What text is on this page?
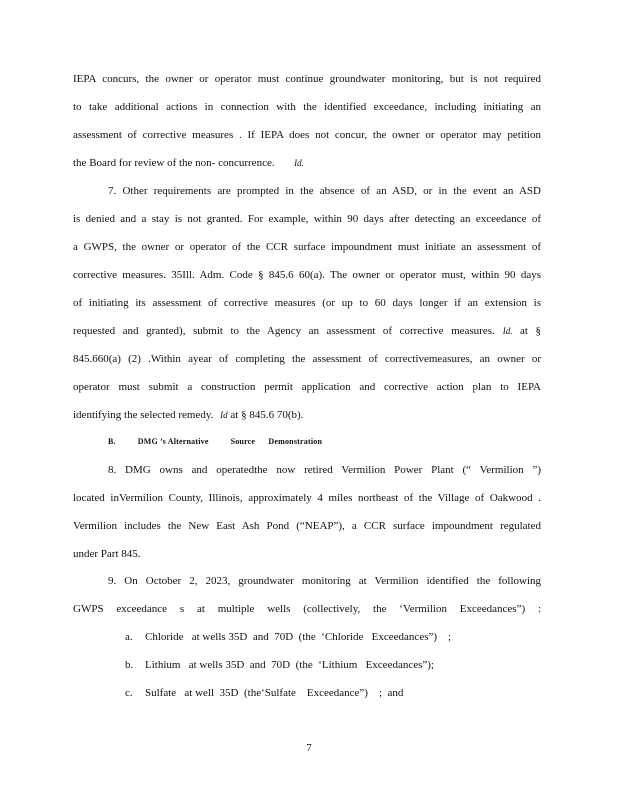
IEPA concurs, the owner or operator must continue groundwater monitoring, but is not required
to take additional actions in connection with the identified exceedance, including initiating an
assessment of corrective measures . If IEPA does not concur, the owner or operator may petition
the Board for review of the non- concurrence. Id.
7. Other requirements are prompted in the absence of an ASD, or in the event an ASD
is denied and a stay is not granted. For example, within 90 days after detecting an exceedance of
a GWPS, the owner or operator of the CCR surface impoundment must initiate an assessment of
corrective measures. 35Ill. Adm. Code § 845.6 60(a). The owner or operator must, within 90 days
of initiating its assessment of corrective measures (or up to 60 days longer if an extension is
requested and granted), submit to the Agency an assessment of corrective measures. Id. at §
845.660(a) (2) .Within ayear of completing the assessment of correctivemeasures, an owner or
operator must submit a construction permit application and corrective action plan to IEPA
identifying the selected remedy. Id at § 845.6 70(b).
B.          DMG ’s Alternative          Source      Demonstration
8. DMG owns and operatedthe now retired Vermilion Power Plant (“ Vermilion ”)
located inVermilion County, Illinois, approximately 4 miles northeast of the Village of Oakwood .
Vermilion includes the New East Ash Pond (“NEAP”), a CCR surface impoundment regulated
under Part 845.
9. On October 2, 2023, groundwater monitoring at Vermilion identified the following
GWPS exceedance s at multiple wells (collectively, the ‘Vermilion Exceedances”) :
a. Chloride   at wells 35D  and  70D  (the  ‘Chloride   Exceedances”)    ;
b. Lithium   at wells 35D  and  70D  (the  ‘Lithium   Exceedances”);
c. Sulfate   at well  35D  (the‘Sulfate    Exceedance”)    ;  and
7
